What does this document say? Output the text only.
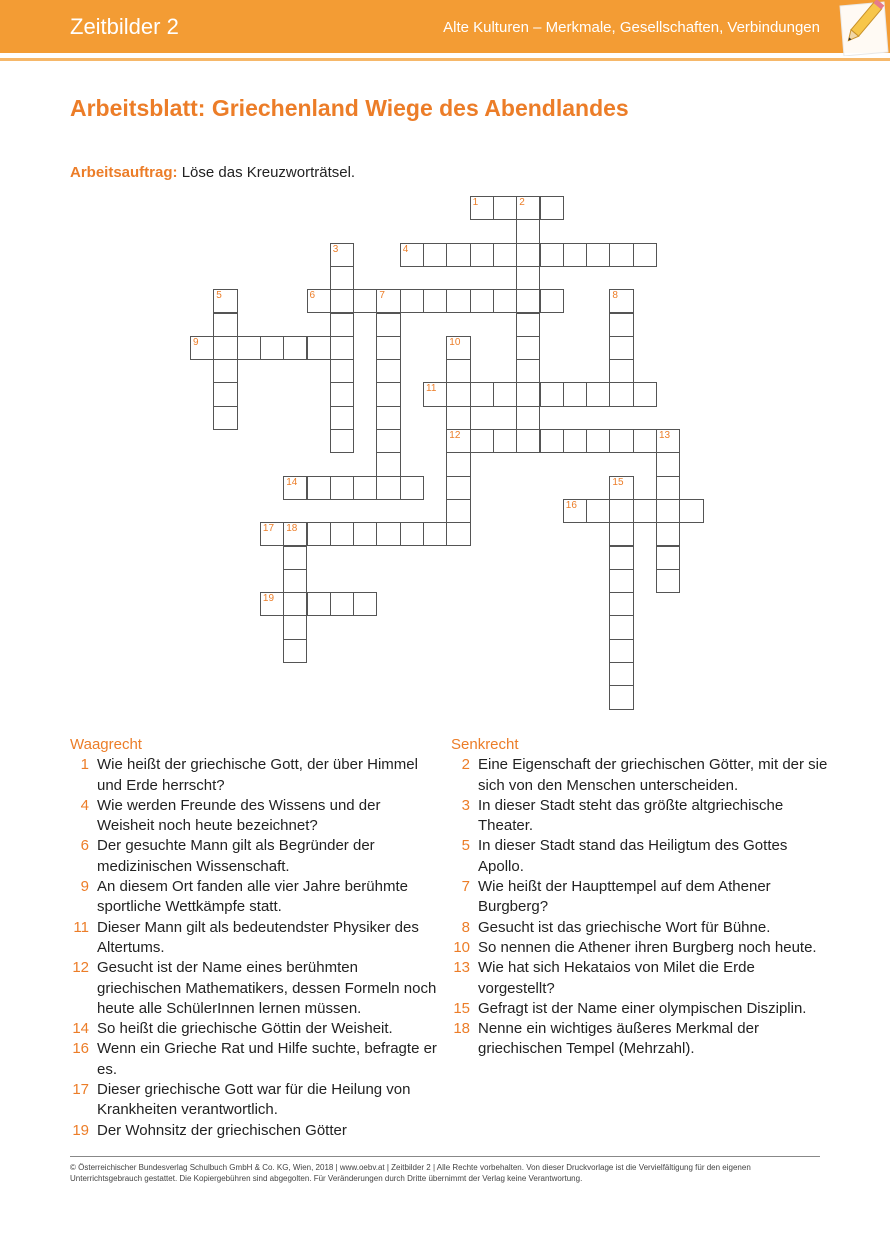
Zeitbilder 2	Alte Kulturen – Merkmale, Gesellschaften, Verbindungen
Arbeitsblatt: Griechenland Wiege des Abendlandes
Arbeitsauftrag: Löse das Kreuzworträtsel.
1	2
4
3
5	6	7	8
9	10
12
11
13
14	15
16
17 18
19
Waagrecht
1 Wie heißt der griechische Gott, der über Himmel und Erde herrscht?
4 Wie werden Freunde des Wissens und der Weisheit noch heute bezeichnet?
6 Der gesuchte Mann gilt als Begründer der medizinischen Wissenschaft.
9 An diesem Ort fanden alle vier Jahre berühmte sportliche Wettkämpfe statt.
11 Dieser Mann gilt als bedeutendster Physiker des Altertums.
12 Gesucht ist der Name eines berühmten griechischen Mathematikers, dessen Formeln noch heute alle SchülerInnen lernen müssen.
14 So heißt die griechische Göttin der Weisheit.
16 Wenn ein Grieche Rat und Hilfe suchte, befragte er es.
17 Dieser griechische Gott war für die Heilung von Krankheiten verantwortlich.
19 Der Wohnsitz der griechischen Götter
Senkrecht
2 Eine Eigenschaft der griechischen Götter, mit der sie sich von den Menschen unterscheiden.
3 In dieser Stadt steht das größte altgriechische Theater.
5 In dieser Stadt stand das Heiligtum des Gottes Apollo.
7 Wie heißt der Haupttempel auf dem Athener Burgberg?
8 Gesucht ist das griechische Wort für Bühne.
10 So nennen die Athener ihren Burgberg noch heute.
13 Wie hat sich Hekataios von Milet die Erde vorgestellt?
15 Gefragt ist der Name einer olympischen Disziplin.
18 Nenne ein wichtiges äußeres Merkmal der griechischen Tempel (Mehrzahl).
© Österreichischer Bundesverlag Schulbuch GmbH & Co. KG, Wien, 2018 | www.oebv.at | Zeitbilder 2 | Alle Rechte vorbehalten. Von dieser Druckvorlage ist die Vervielfältigung für den eigenen Unterrichtsgebrauch gestattet. Die Kopiergebühren sind abgegolten. Für Veränderungen durch Dritte übernimmt der Verlag keine Verantwortung.
